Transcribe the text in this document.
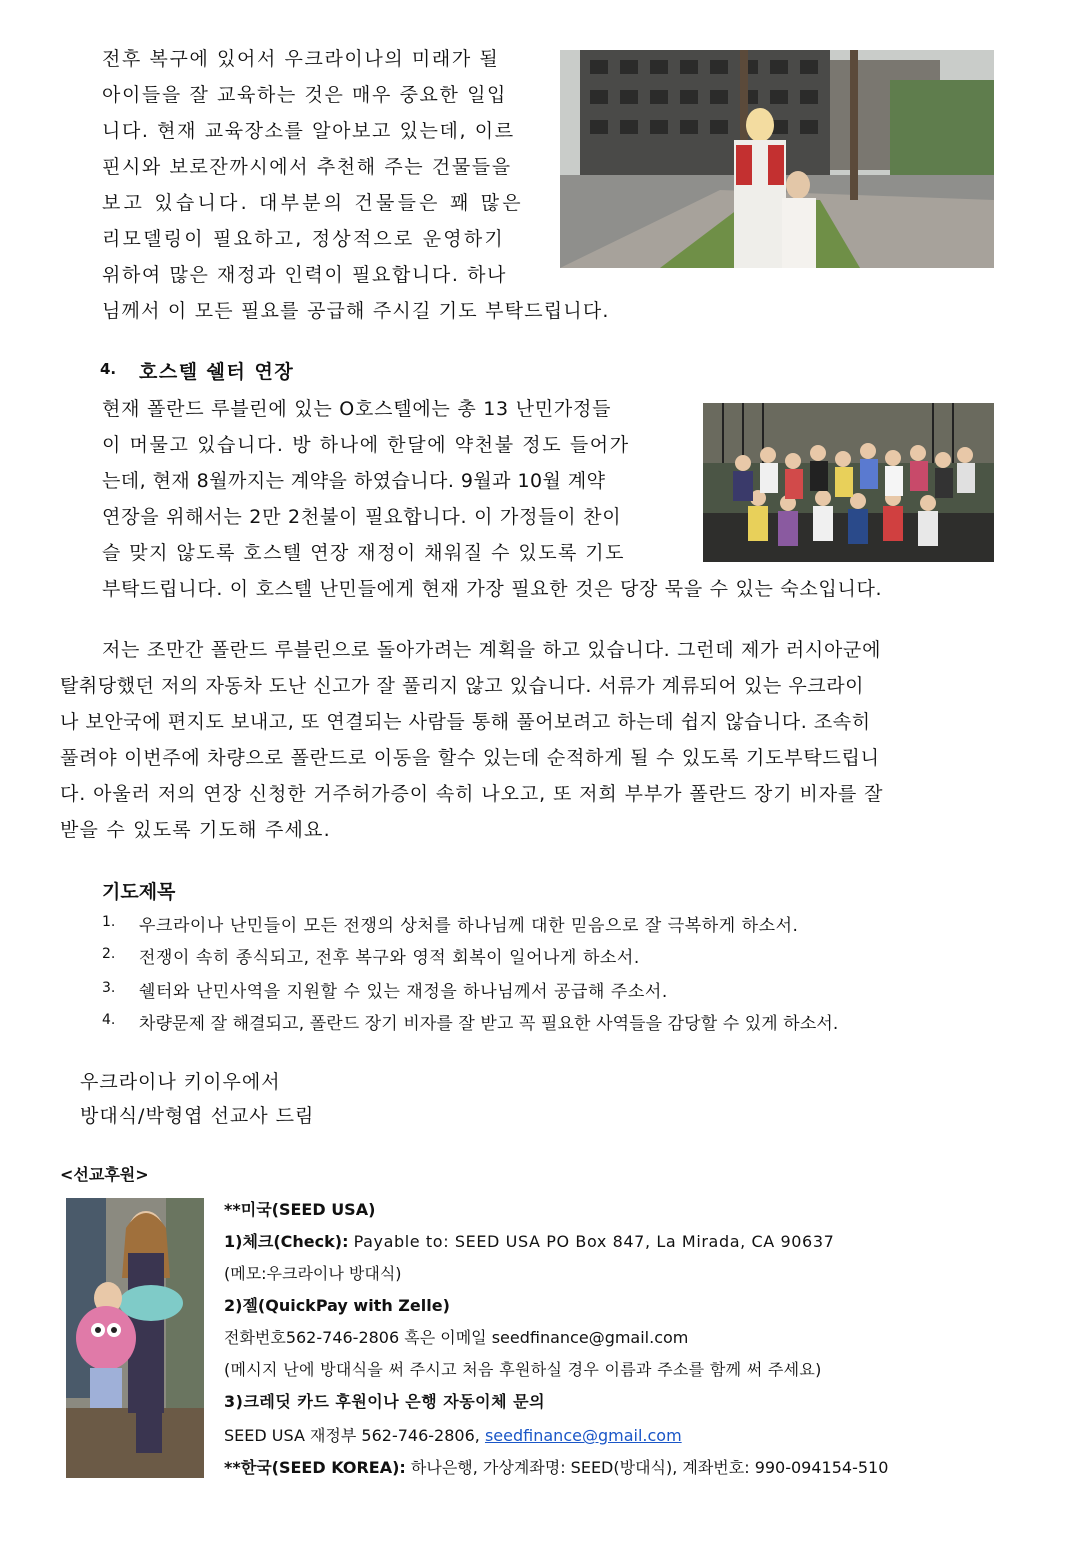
전후 복구에 있어서 우크라이나의 미래가 될
아이들을 잘 교육하는 것은 매우 중요한 일입
니다. 현재 교육장소를 알아보고 있는데, 이르
핀시와 보로잔까시에서 추천해 주는 건물들을
보고 있습니다. 대부분의 건물들은 꽤 많은
리모델링이 필요하고, 정상적으로 운영하기
위하여 많은 재정과 인력이 필요합니다. 하나
님께서 이 모든 필요를 공급해 주시길 기도 부탁드립니다.
4. 호스텔 쉘터 연장
현재 폴란드 루블린에 있는 O호스텔에는 총 13 난민가정들
이 머물고 있습니다. 방 하나에 한달에 약천불 정도 들어가
는데, 현재 8월까지는 계약을 하였습니다. 9월과 10월 계약
연장을 위해서는 2만 2천불이 필요합니다. 이 가정들이 찬이
슬 맞지 않도록 호스텔 연장 재정이 채워질 수 있도록 기도
부탁드립니다. 이 호스텔 난민들에게 현재 가장 필요한 것은 당장 묵을 수 있는 숙소입니다.
저는 조만간 폴란드 루블린으로 돌아가려는 계획을 하고 있습니다. 그런데 제가 러시아군에
탈취당했던 저의 자동차 도난 신고가 잘 풀리지 않고 있습니다. 서류가 계류되어 있는 우크라이
나 보안국에 편지도 보내고, 또 연결되는 사람들 통해 풀어보려고 하는데 쉽지 않습니다. 조속히
풀려야 이번주에 차량으로 폴란드로 이동을 할수 있는데 순적하게 될 수 있도록 기도부탁드립니
다. 아울러 저의 연장 신청한 거주허가증이 속히 나오고, 또 저희 부부가 폴란드 장기 비자를 잘
받을 수 있도록 기도해 주세요.
기도제목
1. 우크라이나 난민들이 모든 전쟁의 상처를 하나님께 대한 믿음으로 잘 극복하게 하소서.
2. 전쟁이 속히 종식되고, 전후 복구와 영적 회복이 일어나게 하소서.
3. 쉘터와 난민사역을 지원할 수 있는 재정을 하나님께서 공급해 주소서.
4. 차량문제 잘 해결되고, 폴란드 장기 비자를 잘 받고 꼭 필요한 사역들을 감당할 수 있게 하소서.
우크라이나 키이우에서
방대식/박형엽 선교사 드림
<선교후원>
**미국(SEED USA)
1)체크(Check): Payable to: SEED USA PO Box 847, La Mirada, CA 90637
(메모:우크라이나 방대식)
2)젤(QuickPay with Zelle)
전화번호562-746-2806 혹은 이메일 seedfinance@gmail.com
(메시지 난에 방대식을 써 주시고 처음 후원하실 경우 이름과 주소를 함께 써 주세요)
3)크레딧 카드 후원이나 은행 자동이체 문의
SEED USA 재정부 562-746-2806, seedfinance@gmail.com
**한국(SEED KOREA): 하나은행, 가상계좌명: SEED(방대식), 계좌번호: 990-094154-510
